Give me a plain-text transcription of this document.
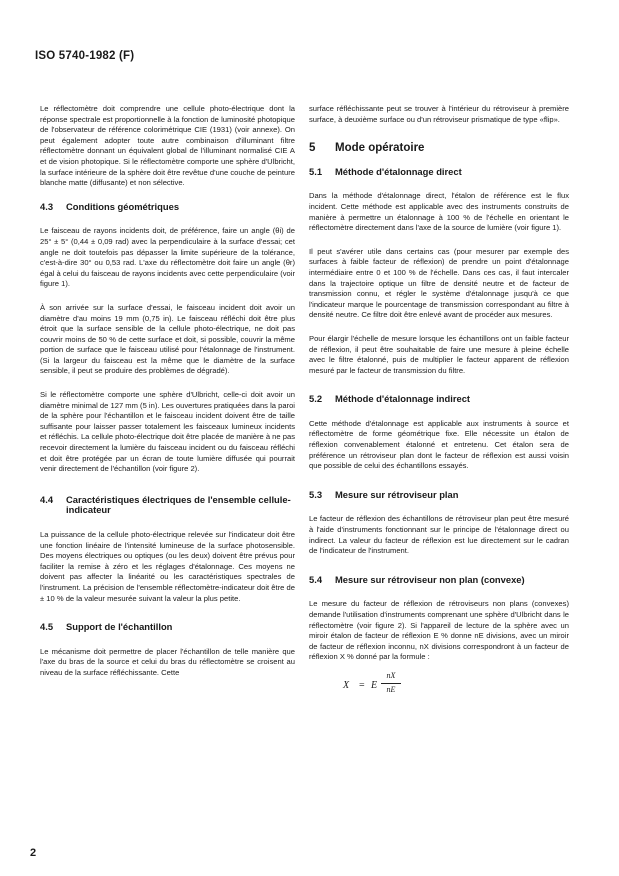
ISO 5740-1982 (F)

Le réflectomètre doit comprendre une cellule photo-électrique dont la réponse spectrale est proportionnelle à la fonction de luminosité photopique de l'observateur de référence colorimétrique CIE (1931) (voir annexe). On peut également adopter toute autre combinaison d'illuminant filtre réflectomètre donnant un équivalent global de l'illuminant normalisé CIE A et de vision photopique. Si le réflectomètre comporte une sphère d'Ulbricht, la surface intérieure de la sphère doit être revêtue d'une couche de peinture blanche matte (diffusante) et non sélective.

4.3 Conditions géométriques

Le faisceau de rayons incidents doit, de préférence, faire un angle (θi) de 25° ± 5° (0,44 ± 0,09 rad) avec la perpendiculaire à la surface d'essai; cet angle ne doit toutefois pas dépasser la limite supérieure de la tolérance, c'est-à-dire 30° ou 0,53 rad. L'axe du réflectomètre doit faire un angle (θr) égal à celui du faisceau de rayons incidents avec cette perpendiculaire (voir figure 1).

À son arrivée sur la surface d'essai, le faisceau incident doit avoir un diamètre d'au moins 19 mm (0,75 in). Le faisceau réfléchi doit être plus étroit que la surface sensible de la cellule photo-électrique, ne doit pas couvrir moins de 50 % de cette surface et doit, si possible, couvrir la même portion de surface que le faisceau utilisé pour l'étalonnage de l'instrument. (Si la largeur du faisceau est la même que le diamètre de la surface sensible, il peut se produire des problèmes de dégradé).

Si le réflectomètre comporte une sphère d'Ulbricht, celle-ci doit avoir un diamètre minimal de 127 mm (5 in). Les ouvertures pratiquées dans la paroi de la sphère pour l'échantillon et le faisceau incident doivent être de taille suffisante pour laisser passer totalement les faisceaux lumineux incidents et réfléchis. La cellule photo-électrique doit être placée de manière à ne pas recevoir directement la lumière du faisceau incident ou du faisceau réfléchi et doit être protégée par un écran de toute lumière diffusée qui pourrait venir directement de l'échantillon (voir figure 2).

4.4 Caractéristiques électriques de l'ensemble cellule-indicateur

La puissance de la cellule photo-électrique relevée sur l'indicateur doit être une fonction linéaire de l'intensité lumineuse de la surface photosensible. Des moyens électriques ou optiques (ou les deux) doivent être prévus pour faciliter la remise à zéro et les réglages d'étalonnage. Ces moyens ne doivent pas affecter la linéarité ou les caractéristiques spectrales de l'instrument. La précision de l'ensemble réflectomètre-indicateur doit être de ± 10 % de la valeur mesurée suivant la valeur la plus petite.

4.5 Support de l'échantillon

Le mécanisme doit permettre de placer l'échantillon de telle manière que l'axe du bras de la source et celui du bras du réflectomètre se croisent au niveau de la surface réfléchissante. Cette

surface réfléchissante peut se trouver à l'intérieur du rétroviseur à première surface, à deuxième surface ou d'un rétroviseur prismatique de type «flip».

5	Mode opératoire
5.1 Méthode d'étalonnage direct

Dans la méthode d'étalonnage direct, l'étalon de référence est le flux incident. Cette méthode est applicable avec des instruments construits de manière à permettre un étalonnage à 100 % de l'échelle en orientant le réflectomètre directement dans l'axe de la source de lumière (voir figure 1).

Il peut s'avérer utile dans certains cas (pour mesurer par exemple des surfaces à faible facteur de réflexion) de prendre un point d'étalonnage intermédiaire entre 0 et 100 % de l'échelle. Dans ces cas, il faut intercaler dans la trajectoire optique un filtre de densité neutre et de facteur de transmission connu, et régler le système d'étalonnage jusqu'à ce que l'indicateur marque le pourcentage de transmission correspondant au filtre à densité neutre. Ce filtre doit être enlevé avant de procéder aux mesures.

Pour élargir l'échelle de mesure lorsque les échantillons ont un faible facteur de réflexion, il peut être souhaitable de faire une mesure à pleine échelle avec le filtre étalonné, puis de multiplier le facteur apparent de réflexion mesuré par le facteur de transmission du filtre.

5.2 Méthode d'étalonnage indirect

Cette méthode d'étalonnage est applicable aux instruments à source et réflectomètre de forme géométrique fixe. Elle nécessite un étalon de réflexion convenablement étalonné et entretenu. Cet étalon sera de préférence un rétroviseur plan dont le facteur de réflexion est aussi voisin que possible de celui des échantillons essayés.

5.3 Mesure sur rétroviseur plan

Le facteur de réflexion des échantillons de rétroviseur plan peut être mesuré à l'aide d'instruments fonctionnant sur le principe de l'étalonnage direct ou indirect. La valeur du facteur de réflexion est lue directement sur le cadran de l'indicateur de l'instrument.

5.4 Mesure sur rétroviseur non plan (convexe)

Le mesure du facteur de réflexion de rétroviseurs non plans (convexes) demande l'utilisation d'instruments comprenant une sphère d'Ulbricht dans le réflectomètre (voir figure 2). Si l'appareil de lecture de la sphère avec un miroir étalon de facteur de réflexion E % donne nE divisions, avec un miroir de facteur de réflexion inconnu, nX divisions correspondront à un facteur de réflexion X % donné par la formule :

X = E
nX
nE
2
